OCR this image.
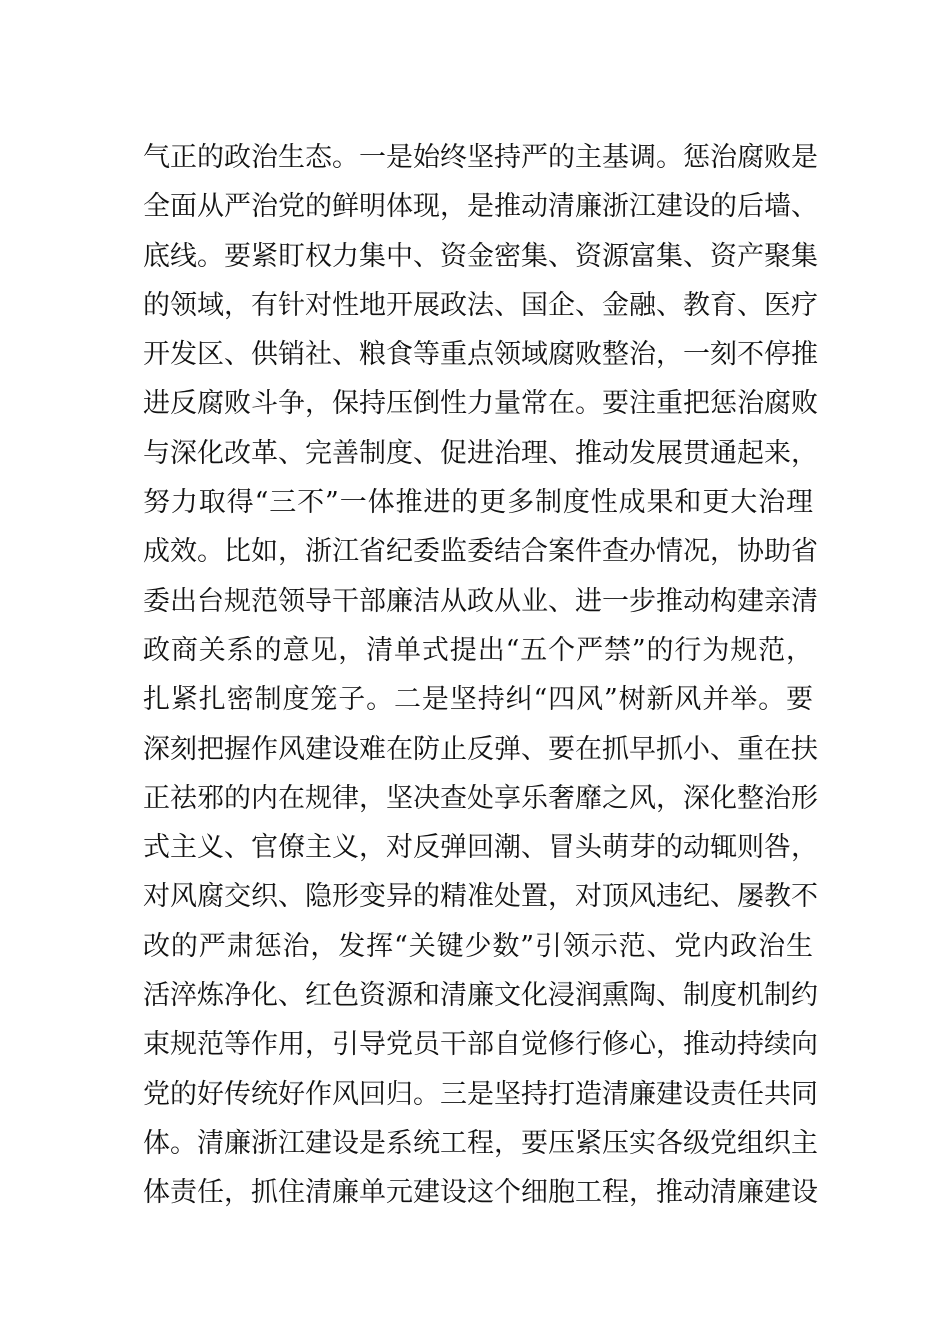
气正的政治生态。一是始终坚持严的主基调。惩治腐败是
全面从严治党的鲜明体现，是推动清廉浙江建设的后墙、
底线。要紧盯权力集中、资金密集、资源富集、资产聚集
的领域，有针对性地开展政法、国企、金融、教育、医疗
开发区、供销社、粮食等重点领域腐败整治，一刻不停推
进反腐败斗争，保持压倒性力量常在。要注重把惩治腐败
与深化改革、完善制度、促进治理、推动发展贯通起来，
努力取得“三不”一体推进的更多制度性成果和更大治理
成效。比如，浙江省纪委监委结合案件查办情况，协助省
委出台规范领导干部廉洁从政从业、进一步推动构建亲清
政商关系的意见，清单式提出“五个严禁”的行为规范，
扎紧扎密制度笼子。二是坚持纠“四风”树新风并举。要
深刻把握作风建设难在防止反弹、要在抓早抓小、重在扶
正祛邪的内在规律，坚决查处享乐奢靡之风，深化整治形
式主义、官僚主义，对反弹回潮、冒头萌芽的动辄则咎，
对风腐交织、隐形变异的精准处置，对顶风违纪、屡教不
改的严肃惩治，发挥“关键少数”引领示范、党内政治生
活淬炼净化、红色资源和清廉文化浸润熏陶、制度机制约
束规范等作用，引导党员干部自觉修行修心，推动持续向
党的好传统好作风回归。三是坚持打造清廉建设责任共同
体。清廉浙江建设是系统工程，要压紧压实各级党组织主
体责任，抓住清廉单元建设这个细胞工程，推动清廉建设
